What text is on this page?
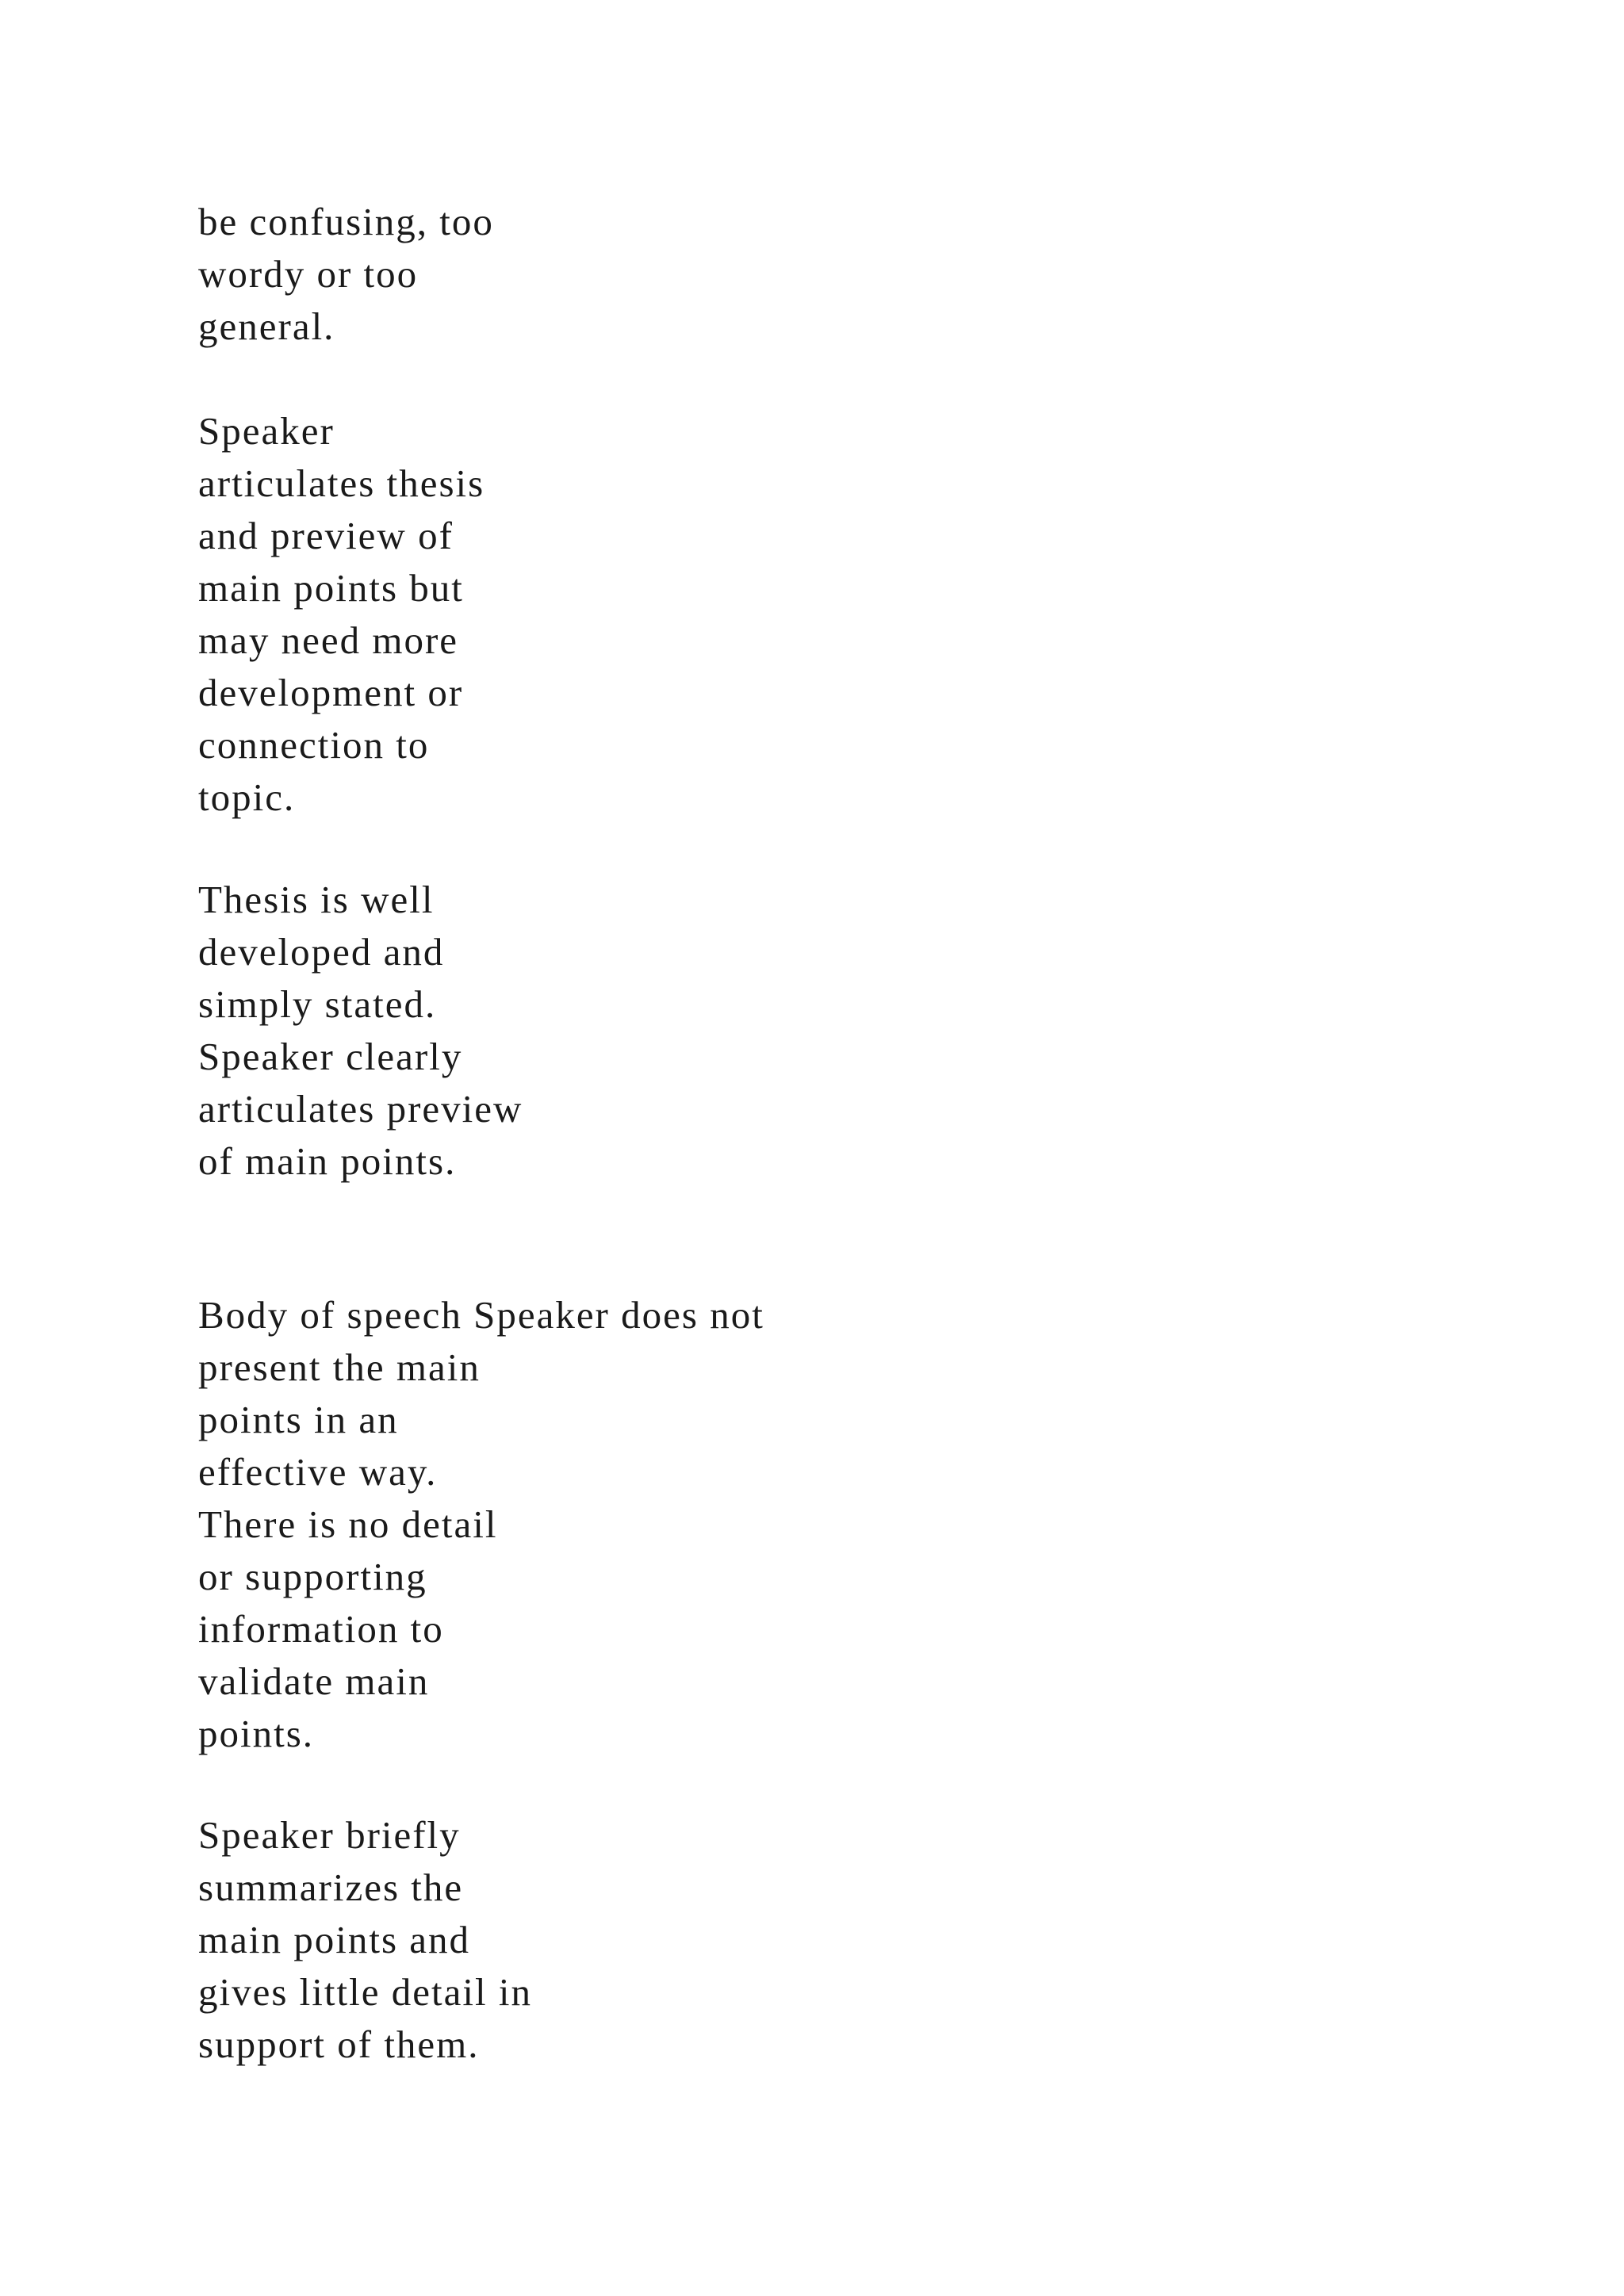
be confusing, too
wordy or too
general.

Speaker
articulates thesis
and preview of
main points but
may need more
development or
connection to
topic.

Thesis is well
developed and
simply stated.
Speaker clearly
articulates preview
of main points.

Body of speech Speaker does not
present the main
points in an
effective way.
There is no detail
or supporting
information to
validate main
points.

Speaker briefly
summarizes the
main points and
gives little detail in
support of them.
